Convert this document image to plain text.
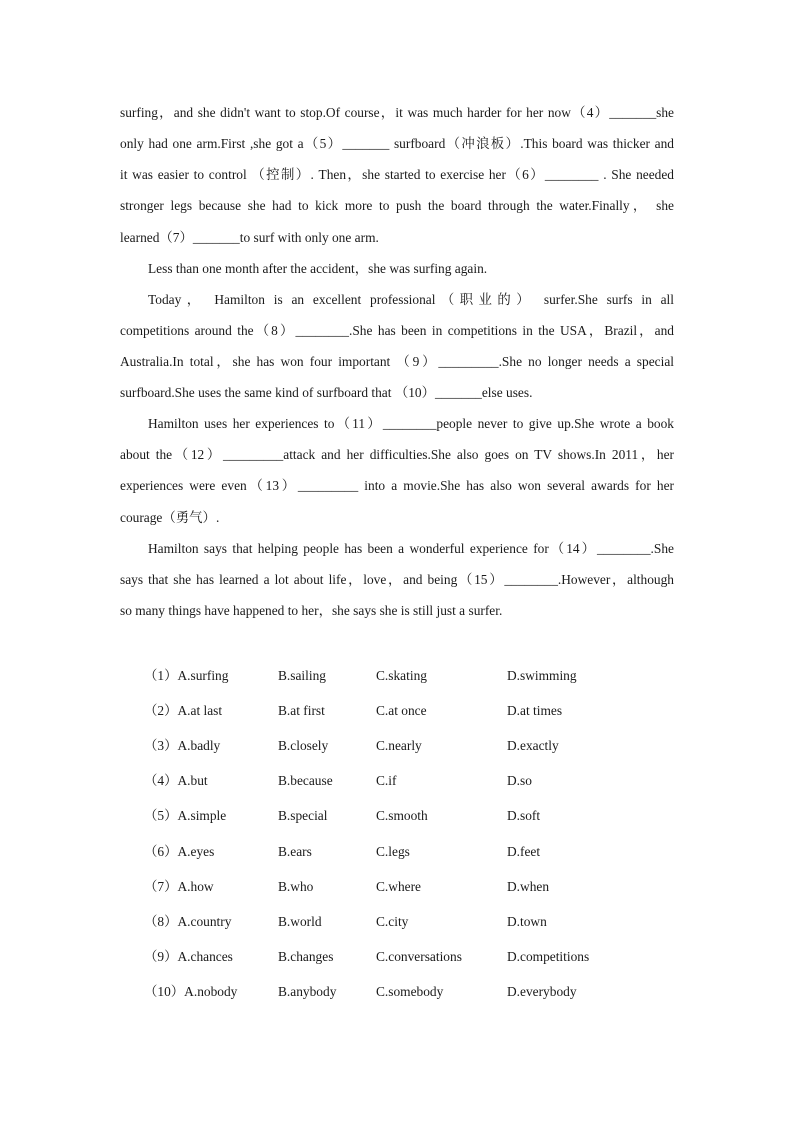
surfing，and she didn't want to stop.Of course，it was much harder for her now（4）_______she
only had one arm.First ,she got a（5）_______ surfboard（冲浪板）.This board was thicker and
it was easier to control （控制）. Then，she started to exercise her（6）________ . She needed
stronger legs because she had to kick more to push the board through the water.Finally， she
learned（7）_______to surf with only one arm.
Less than one month after the accident，she was surfing again.
Today， Hamilton is an excellent professional（职业的） surfer.She surfs in all
competitions around the（8）________.She has been in competitions in the USA，Brazil，and
Australia.In total，she has won four important （9）_________.She no longer needs a special
surfboard.She uses the same kind of surfboard that （10）_______else uses.
Hamilton uses her experiences to（11）________people never to give up.She wrote a book
about the（12）_________attack and her difficulties.She also goes on TV shows.In 2011，her
experiences were even（13）_________ into a movie.She has also won several awards for her
courage（勇气）.
Hamilton says that helping people has been a wonderful experience for（14）________.She
says that she has learned a lot about life，love，and being（15）________.However，although
so many things have happened to her，she says she is still just a surfer.
（1）A.surfing	B.sailing	C.skating	D.swimming
（2）A.at last	B.at first	C.at once	D.at times
（3）A.badly	B.closely	C.nearly	D.exactly
（4）A.but	B.because	C.if	D.so
（5）A.simple	B.special	C.smooth	D.soft
（6）A.eyes	B.ears	C.legs	D.feet
（7）A.how	B.who	C.where	D.when
（8）A.country	B.world	C.city	D.town
（9）A.chances	B.changes	C.conversations	D.competitions
（10）A.nobody	B.anybody	C.somebody	D.everybody
